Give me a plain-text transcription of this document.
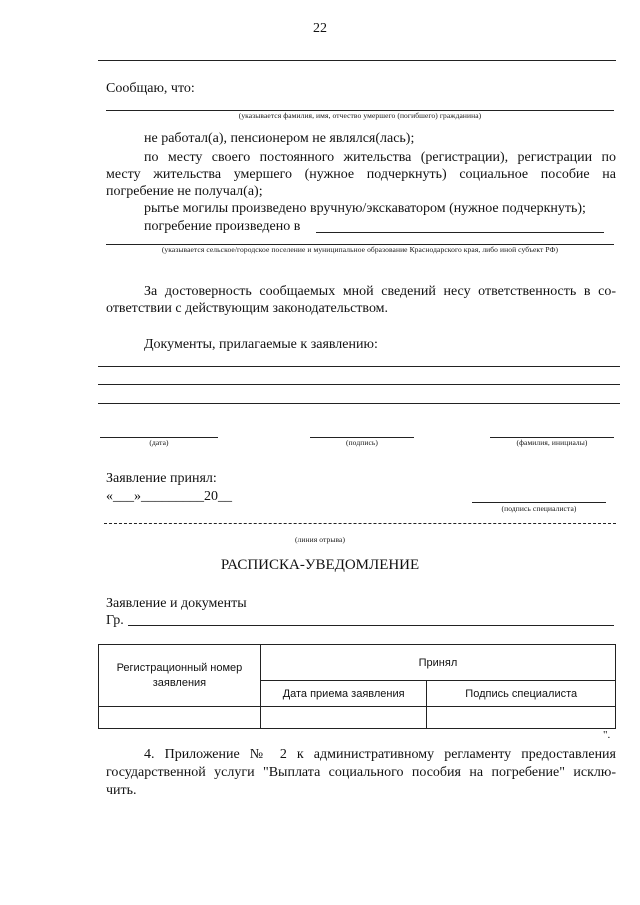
22
Сообщаю, что:
(указывается фамилия, имя, отчество умершего (погибшего) гражданина)
не работал(а), пенсионером не являлся(лась);
по месту своего постоянного жительства (регистрации), регистрации по
месту жительства умершего (нужное подчеркнуть) социальное пособие на
погребение не получал(а);
рытье могилы произведено вручную/экскаватором (нужное подчеркнуть);
погребение произведено в
(указывается сельское/городское поселение и муниципальное образование Краснодарского края, либо иной субъект РФ)
За достоверность сообщаемых мной сведений несу ответственность в со-
ответствии с действующим законодательством.
Документы, прилагаемые к заявлению:
(дата)	(подпись)	(фамилия, инициалы)
Заявление принял:
«___»_________20__
(подпись специалиста)
(линия отрыва)
РАСПИСКА-УВЕДОМЛЕНИЕ
Заявление и документы
Гр.
Регистрационный номер заявления	Принял	
	Дата приема заявления	Подпись специалиста

".
4. Приложение № 2 к административному регламенту предоставления
государственной услуги "Выплата социального пособия на погребение" исклю-
чить.
